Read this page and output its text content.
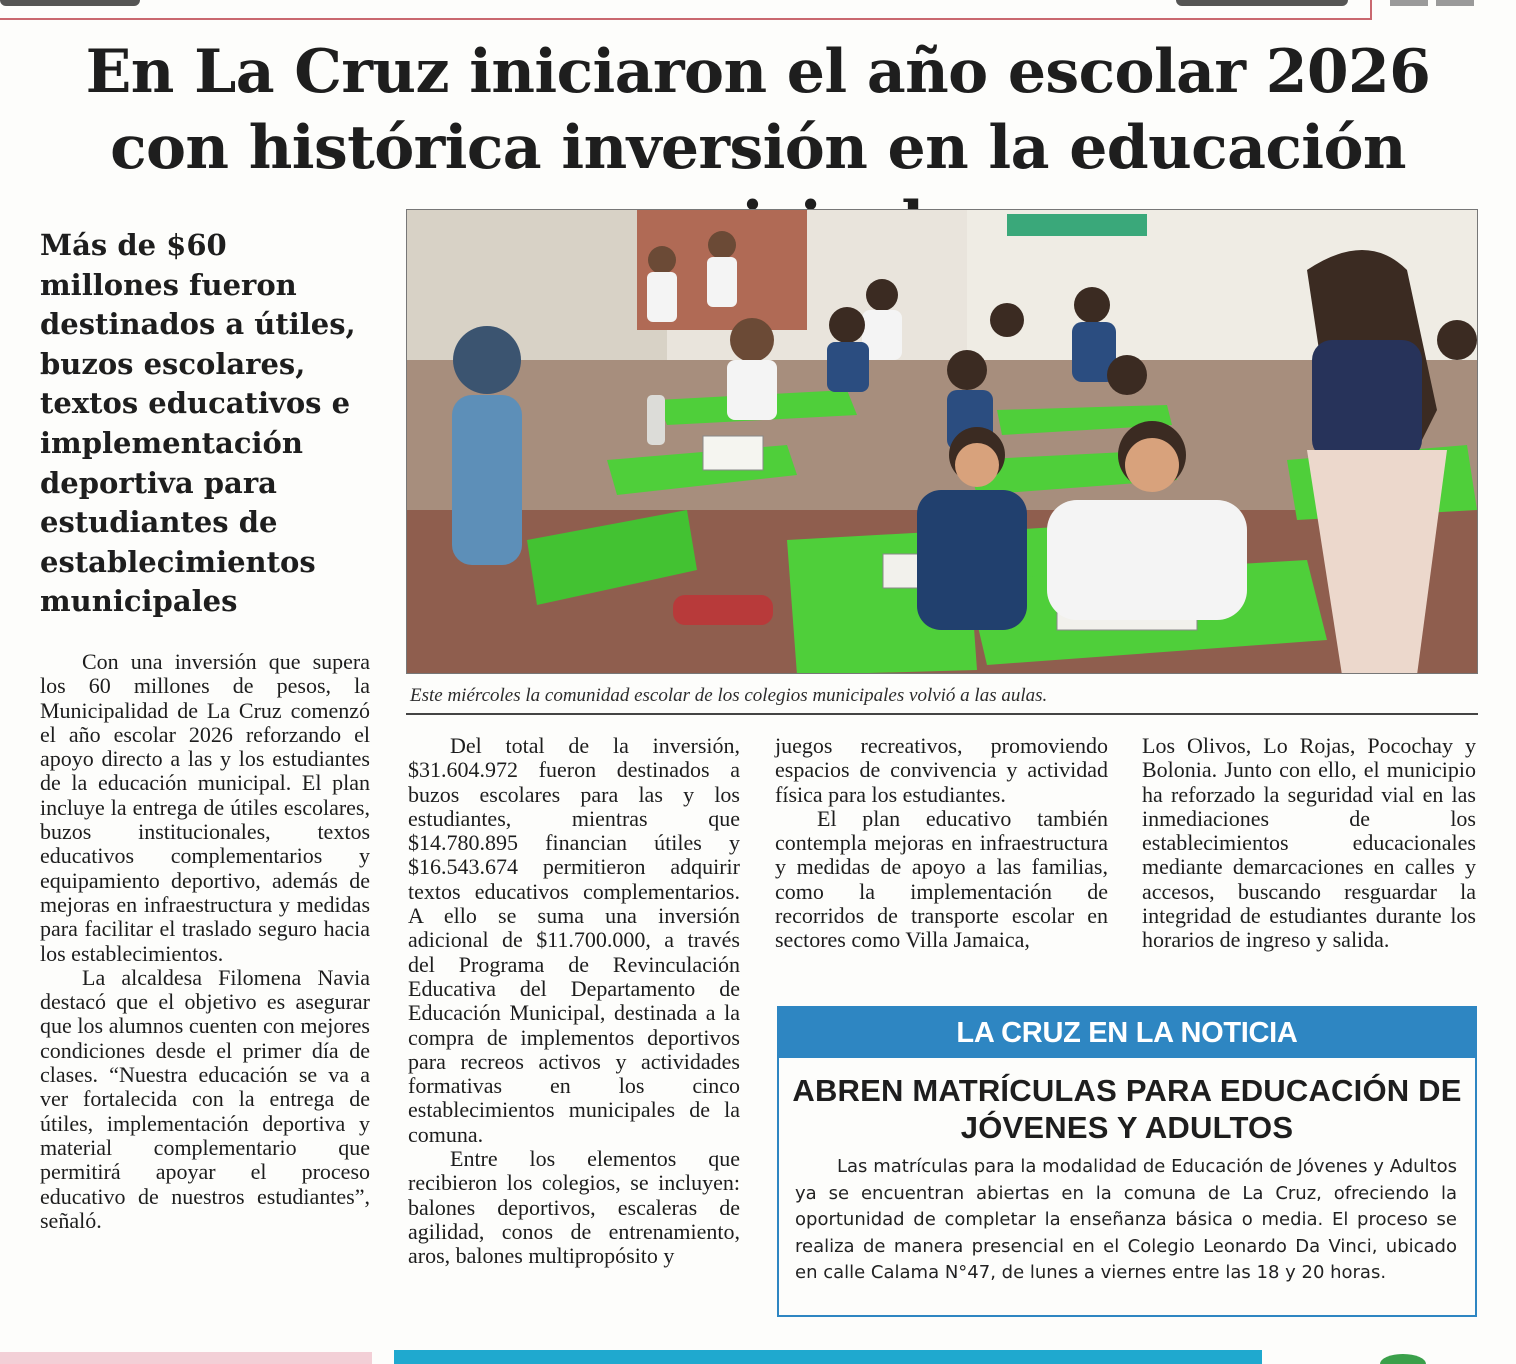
En La Cruz iniciaron el año escolar 2026 con histórica inversión en la educación
Más de $60 millones fueron destinados a útiles, buzos escolares, textos educativos e implementación deportiva para estudiantes de establecimientos municipales
Este miércoles la comunidad escolar de los colegios municipales volvió a las aulas.

Con una inversión que supera los 60 millones de pesos, la Municipalidad de La Cruz comenzó el año escolar 2026 reforzando el apoyo directo a las y los estudiantes de la educación municipal. El plan incluye la entrega de útiles escolares, buzos institucionales, textos educativos complementarios y equipamiento deportivo, además de mejoras en infraestructura y medidas para facilitar el traslado seguro hacia los establecimientos.

La alcaldesa Filomena Navia destacó que el objetivo es asegurar que los alumnos cuenten con mejores condiciones desde el primer día de clases. “Nuestra educación se va a ver fortalecida con la entrega de útiles, implementación deportiva y material complementario que permitirá apoyar el proceso educativo de nuestros estudiantes”, señaló.

Del total de la inversión, $31.604.972 fueron destinados a buzos escolares para las y los estudiantes, mientras que $14.780.895 financian útiles y $16.543.674 permitieron adquirir textos educativos complementarios. A ello se suma una inversión adicional de $11.700.000, a través del Programa de Revinculación Educativa del Departamento de Educación Municipal, destinada a la compra de implementos deportivos para recreos activos y actividades formativas en los cinco establecimientos municipales de la comuna.

Entre los elementos que recibieron los colegios, se incluyen: balones deportivos, escaleras de agilidad, conos de entrenamiento, aros, balones multipropósito y

juegos recreativos, promoviendo espacios de convivencia y actividad física para los estudiantes.

El plan educativo también contempla mejoras en infraestructura y medidas de apoyo a las familias, como la implementación de recorridos de transporte escolar en sectores como Villa Jamaica,

Los Olivos, Lo Rojas, Pocochay y Bolonia. Junto con ello, el municipio ha reforzado la seguridad vial en las inmediaciones de los establecimientos educacionales mediante demarcaciones en calles y accesos, buscando resguardar la integridad de estudiantes durante los horarios de ingreso y salida.

LA CRUZ EN LA NOTICIA
ABREN MATRÍCULAS PARA EDUCACIÓN DE JÓVENES Y ADULTOS

Las matrículas para la modalidad de Educación de Jóvenes y Adultos ya se encuentran abiertas en la comuna de La Cruz, ofreciendo la oportunidad de completar la enseñanza básica o media. El proceso se realiza de manera presencial en el Colegio Leonardo Da Vinci, ubicado en calle Calama N°47, de lunes a viernes entre las 18 y 20 horas.
